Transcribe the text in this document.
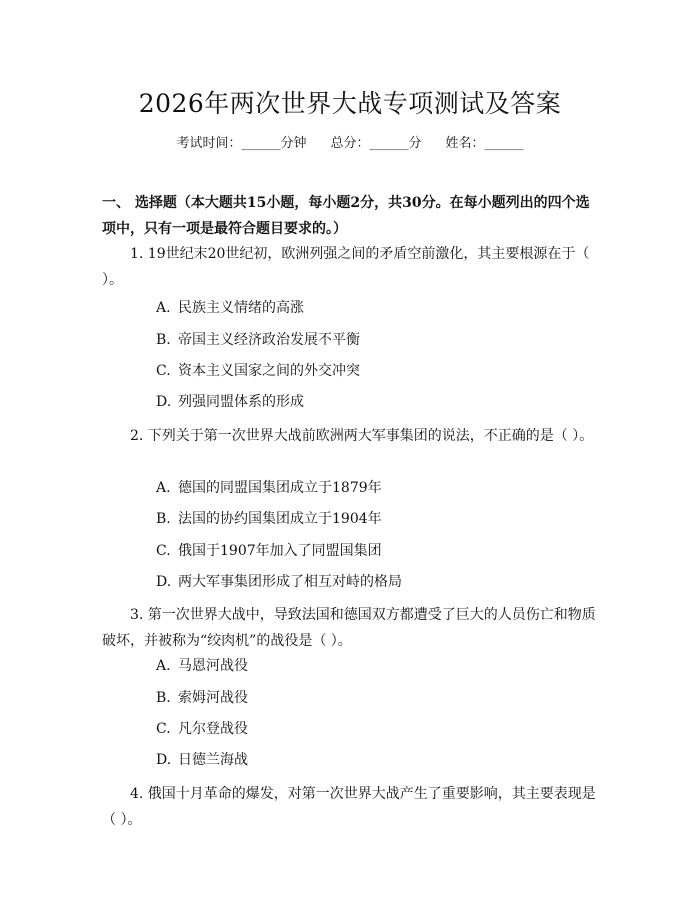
2026年两次世界大战专项测试及答案
考试时间：______分钟 总分：______分 姓名：______
一、 选择题（本大题共15小题，每小题2分，共30分。在每小题列出的四个选项中，只有一项是最符合题目要求的。）
1. 19世纪末20世纪初，欧洲列强之间的矛盾空前激化，其主要根源在于（ ）。
A. 民族主义情绪的高涨
B. 帝国主义经济政治发展不平衡
C. 资本主义国家之间的外交冲突
D. 列强同盟体系的形成
2. 下列关于第一次世界大战前欧洲两大军事集团的说法，不正确的是（ ）。
A. 德国的同盟国集团成立于1879年
B. 法国的协约国集团成立于1904年
C. 俄国于1907年加入了同盟国集团
D. 两大军事集团形成了相互对峙的格局
3. 第一次世界大战中，导致法国和德国双方都遭受了巨大的人员伤亡和物质破坏，并被称为“绞肉机”的战役是（ ）。
A. 马恩河战役
B. 索姆河战役
C. 凡尔登战役
D. 日德兰海战
4. 俄国十月革命的爆发，对第一次世界大战产生了重要影响，其主要表现是（ ）。
